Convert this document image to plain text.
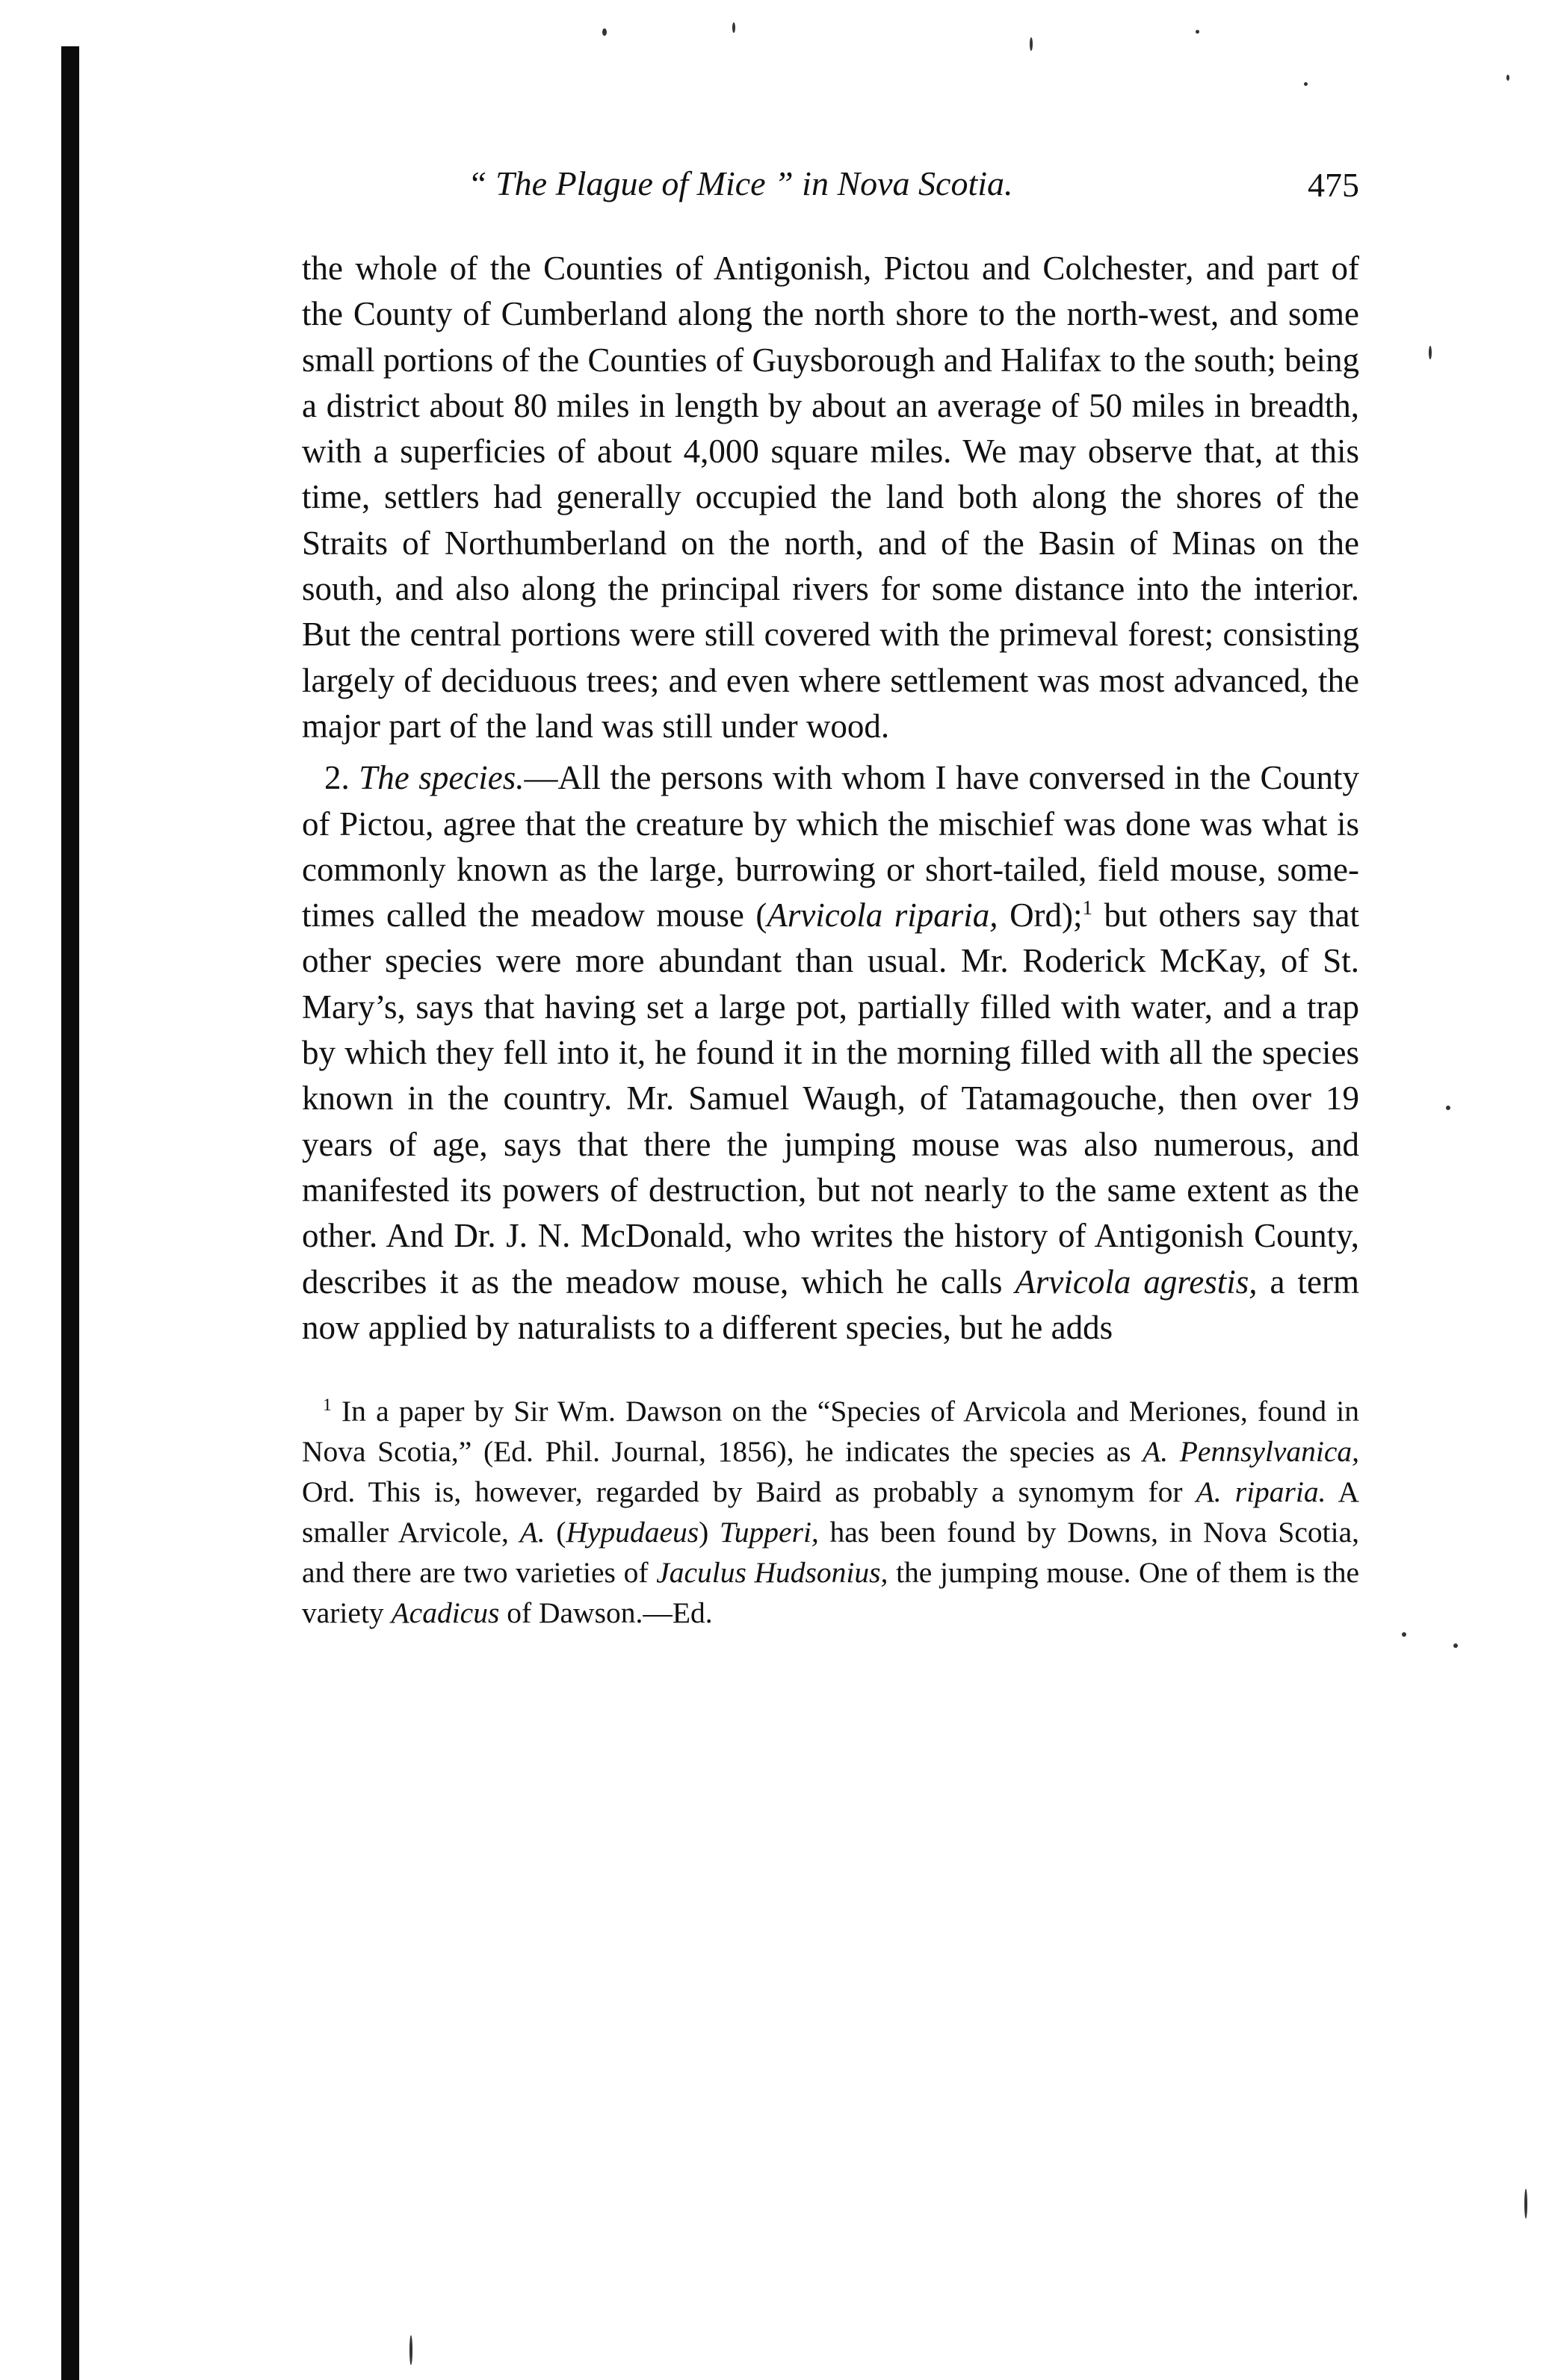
“ The Plague of Mice ” in Nova Scotia.	475

the whole of the Counties of Antigonish, Pictou and Colchester, and part of the County of Cumberland along the north shore to the north-west, and some small portions of the Counties of Guysborough and Halifax to the south; being a district about 80 miles in length by about an average of 50 miles in breadth, with a superficies of about 4,000 square miles. We may observe that, at this time, settlers had generally occupied the land both along the shores of the Straits of Northumberland on the north, and of the Basin of Minas on the south, and also along the principal rivers for some distance into the interior. But the central portions were still covered with the primeval forest; consisting largely of deciduous trees; and even where settlement was most advanced, the major part of the land was still under wood.

2. The species.—All the persons with whom I have conversed in the County of Pictou, agree that the creature by which the mischief was done was what is commonly known as the large, burrowing or short-tailed, field mouse, sometimes called the meadow mouse (Arvicola riparia, Ord);$^1$ but others say that other species were more abundant than usual. Mr. Roderick McKay, of St. Mary’s, says that having set a large pot, partially filled with water, and a trap by which they fell into it, he found it in the morning filled with all the species known in the country. Mr. Samuel Waugh, of Tatamagouche, then over 19 years of age, says that there the jumping mouse was also numerous, and manifested its powers of destruction, but not nearly to the same extent as the other. And Dr. J. N. McDonald, who writes the history of Antigonish County, describes it as the meadow mouse, which he calls Arvicola agrestis, a term now applied by naturalists to a different species, but he adds

$^1$ In a paper by Sir Wm. Dawson on the “Species of Arvicola and Meriones, found in Nova Scotia,” (Ed. Phil. Journal, 1856), he indicates the species as A. Pennsylvanica, Ord. This is, however, regarded by Baird as probably a synomym for A. riparia. A smaller Arvicole, A. (Hypudaeus) Tupperi, has been found by Downs, in Nova Scotia, and there are two varieties of Jaculus Hudsonius, the jumping mouse. One of them is the variety Acadicus of Dawson.—Ed.
